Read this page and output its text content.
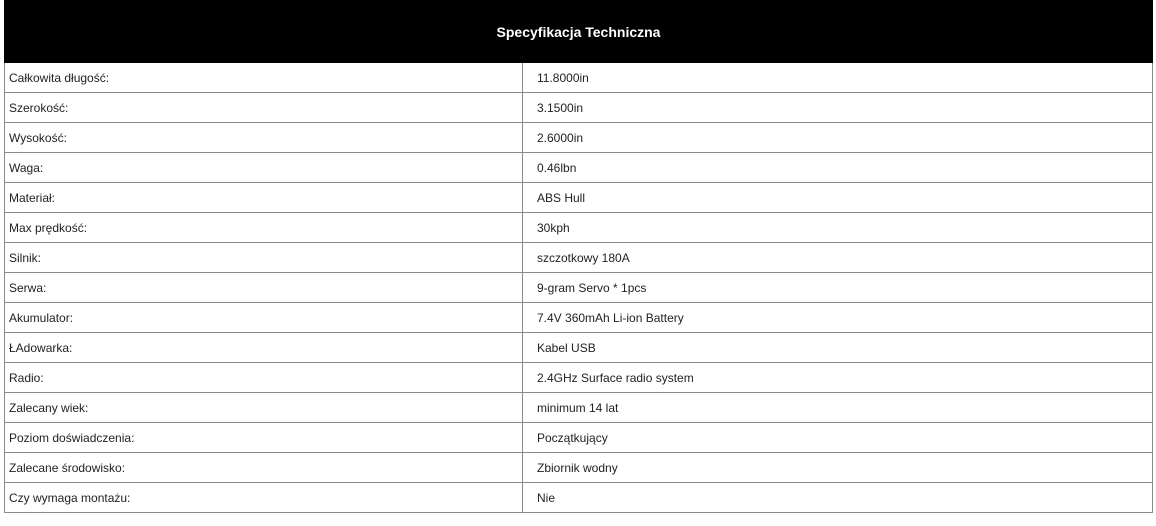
Specyfikacja Techniczna	
Całkowita długość:	11.8000in
Szerokość:	3.1500in
Wysokość:	2.6000in
Waga:	0.46lbn
Materiał:	ABS Hull
Max prędkość:	30kph
Silnik:	szczotkowy 180A
Serwa:	9-gram Servo * 1pcs
Akumulator:	7.4V 360mAh Li-ion Battery
ŁAdowarka:	Kabel USB
Radio:	2.4GHz Surface radio system
Zalecany wiek:	minimum 14 lat
Poziom doświadczenia:	Początkujący
Zalecane środowisko:	Zbiornik wodny
Czy wymaga montażu:	Nie
